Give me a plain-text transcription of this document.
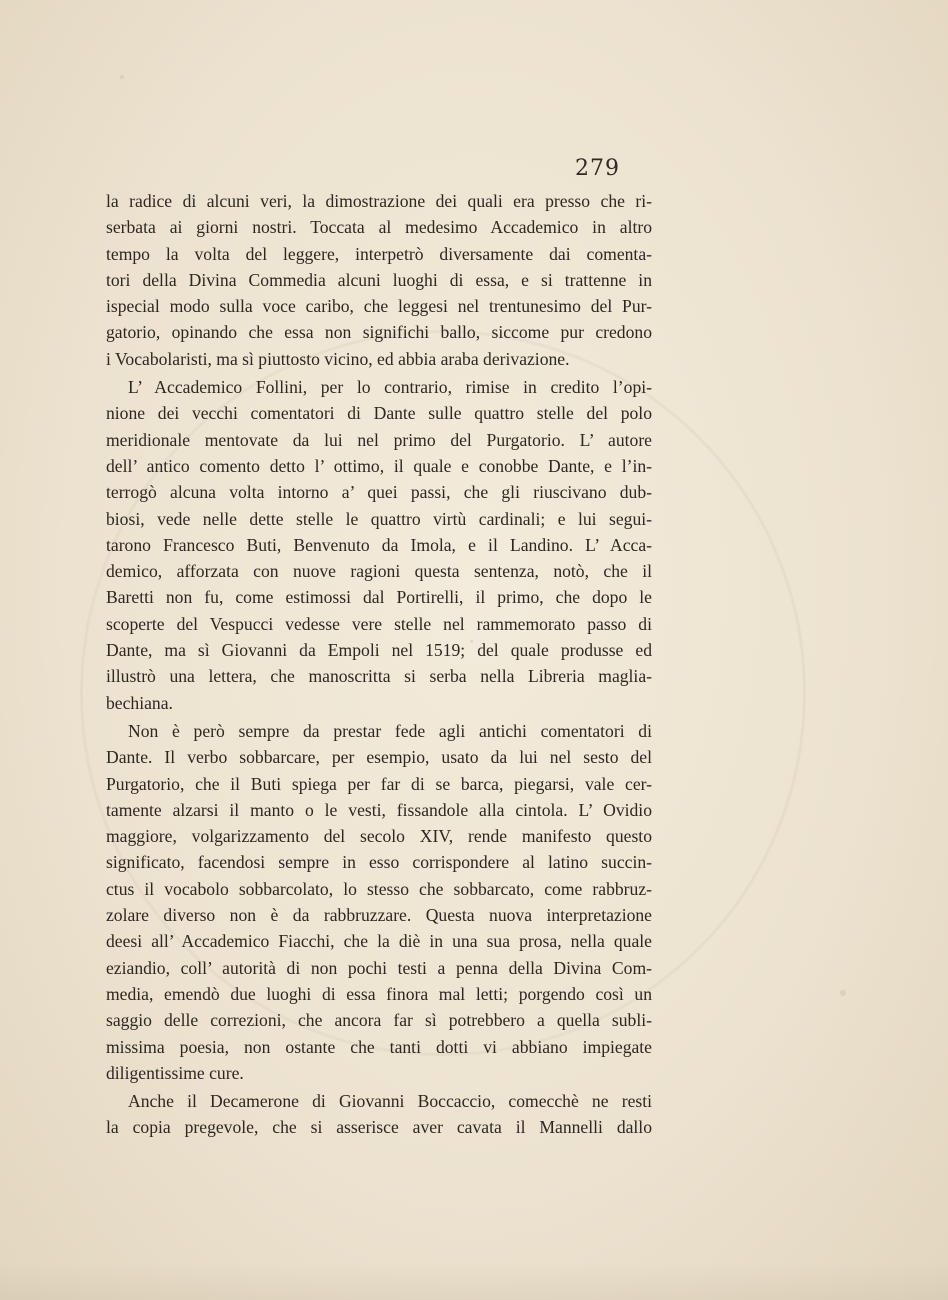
279
la radice di alcuni veri, la dimostrazione dei quali era presso che ri-
serbata ai giorni nostri. Toccata al medesimo Accademico in altro
tempo la volta del leggere, interpetrò diversamente dai comenta-
tori della Divina Commedia alcuni luoghi di essa, e si trattenne in
ispecial modo sulla voce caribo, che leggesi nel trentunesimo del Pur-
gatorio, opinando che essa non significhi ballo, siccome pur credono
i Vocabolaristi, ma sì piuttosto vicino, ed abbia araba derivazione.
L’ Accademico Follini, per lo contrario, rimise in credito l’opi-
nione dei vecchi comentatori di Dante sulle quattro stelle del polo
meridionale mentovate da lui nel primo del Purgatorio. L’ autore
dell’ antico comento detto l’ ottimo, il quale e conobbe Dante, e l’in-
terrogò alcuna volta intorno a’ quei passi, che gli riuscivano dub-
biosi, vede nelle dette stelle le quattro virtù cardinali; e lui segui-
tarono Francesco Buti, Benvenuto da Imola, e il Landino. L’ Acca-
demico, afforzata con nuove ragioni questa sentenza, notò, che il
Baretti non fu, come estimossi dal Portirelli, il primo, che dopo le
scoperte del Vespucci vedesse vere stelle nel rammemorato passo di
Dante, ma sì Giovanni da Empoli nel 1519; del quale produsse ed
illustrò una lettera, che manoscritta si serba nella Libreria maglia-
bechiana.
Non è però sempre da prestar fede agli antichi comentatori di
Dante. Il verbo sobbarcare, per esempio, usato da lui nel sesto del
Purgatorio, che il Buti spiega per far di se barca, piegarsi, vale cer-
tamente alzarsi il manto o le vesti, fissandole alla cintola. L’ Ovidio
maggiore, volgarizzamento del secolo XIV, rende manifesto questo
significato, facendosi sempre in esso corrispondere al latino succin-
ctus il vocabolo sobbarcolato, lo stesso che sobbarcato, come rabbruz-
zolare diverso non è da rabbruzzare. Questa nuova interpretazione
deesi all’ Accademico Fiacchi, che la diè in una sua prosa, nella quale
eziandio, coll’ autorità di non pochi testi a penna della Divina Com-
media, emendò due luoghi di essa finora mal letti; porgendo così un
saggio delle correzioni, che ancora far sì potrebbero a quella subli-
missima poesia, non ostante che tanti dotti vi abbiano impiegate
diligentissime cure.
Anche il Decamerone di Giovanni Boccaccio, comecchè ne resti
la copia pregevole, che si asserisce aver cavata il Mannelli dallo
